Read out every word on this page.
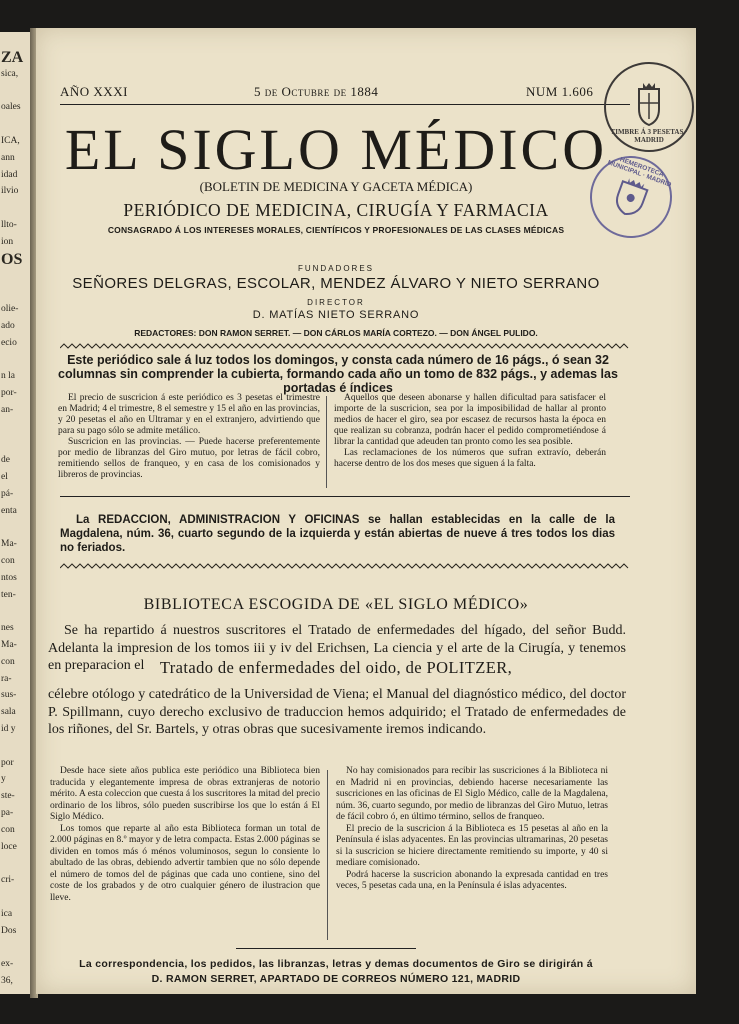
ZA
sica,
oales
ICA,
ann
idad
ilvio
llto-
ion
OS
olie-
ado
ecio
n la
por-
an-
de
el
pá-
enta
Ma-
con
ntos
ten-
nes
Ma-
con
ra-
sus-
sala
id y
por
y
ste-
pa-
con
loce
cri-
ica
Dos
ex-
36,
AÑO XXXI	5 de Octubre de 1884	NUM 1.606
EL SIGLO MÉDICO
(BOLETIN DE MEDICINA Y GACETA MÉDICA)
PERIÓDICO DE MEDICINA, CIRUGÍA Y FARMACIA
CONSAGRADO Á LOS INTERESES MORALES, CIENTÍFICOS Y PROFESIONALES DE LAS CLASES MÉDICAS
FUNDADORES
SEÑORES DELGRAS, ESCOLAR, MENDEZ ÁLVARO Y NIETO SERRANO
DIRECTOR
D. MATÍAS NIETO SERRANO
REDACTORES: DON RAMON SERRET. — DON CÁRLOS MARÍA CORTEZO. — DON ÁNGEL PULIDO.
Este periódico sale á luz todos los domingos, y consta cada número de 16 págs., ó sean 32 columnas sin comprender la cubierta, formando cada año un tomo de 832 págs., y ademas las portadas é índices

El precio de suscricion á este periódico es 3 pesetas el trimestre en Madrid; 4 el trimestre, 8 el semestre y 15 el año en las provincias, y 20 pesetas el año en Ultramar y en el extranjero, advirtiendo que para su pago sólo se admite metálico.

Suscricion en las provincias. — Puede hacerse preferentemente por medio de libranzas del Giro mutuo, por letras de fácil cobro, remitiendo sellos de franqueo, y en casa de los comisionados y libreros de provincias.

Aquellos que deseen abonarse y hallen dificultad para satisfacer el importe de la suscricion, sea por la imposibilidad de hallar al pronto medios de hacer el giro, sea por escasez de recursos hasta la época en que realizan su cobranza, podrán hacer el pedido comprometiéndose á librar la cantidad que adeuden tan pronto como les sea posible.

Las reclamaciones de los números que sufran extravío, deberán hacerse dentro de los dos meses que siguen á la falta.

La REDACCION, ADMINISTRACION Y OFICINAS se hallan establecidas en la calle de la Magdalena, núm. 36, cuarto segundo de la izquierda y están abiertas de nueve á tres todos los dias no feriados.
BIBLIOTECA ESCOGIDA DE «EL SIGLO MÉDICO»
Se ha repartido á nuestros suscritores el Tratado de enfermedades del hígado, del señor Budd. Adelanta la impresion de los tomos iii y iv del Erichsen, La ciencia y el arte de la Cirugía, y tenemos en preparacion el Tratado de enfermedades del oido, de POLITZER,
célebre otólogo y catedrático de la Universidad de Viena; el Manual del diagnóstico médico, del doctor P. Spillmann, cuyo derecho exclusivo de traduccion hemos adquirido; el Tratado de enfermedades de los riñones, del Sr. Bartels, y otras obras que sucesivamente iremos indicando.

Desde hace siete años publica este periódico una Biblioteca bien traducida y elegantemente impresa de obras extranjeras de notorio mérito. A esta coleccion que cuesta á los suscritores la mitad del precio ordinario de los libros, sólo pueden suscribirse los que lo están á El Siglo Médico.

Los tomos que reparte al año esta Biblioteca forman un total de 2.000 páginas en 8.º mayor y de letra compacta. Estas 2.000 páginas se dividen en tomos más ó ménos voluminosos, segun lo consiente lo abultado de las obras, debiendo advertir tambien que no sólo depende el número de tomos del de páginas que cada uno contiene, sino del coste de los grabados y de otro cualquier género de ilustracion que lleve.

No hay comisionados para recibir las suscriciones á la Biblioteca ni en Madrid ni en provincias, debiendo hacerse necesariamente las suscriciones en las oficinas de El Siglo Médico, calle de la Magdalena, núm. 36, cuarto segundo, por medio de libranzas del Giro Mutuo, letras de fácil cobro ó, en último término, sellos de franqueo.

El precio de la suscricion á la Biblioteca es 15 pesetas al año en la Península é islas adyacentes. En las provincias ultramarinas, 20 pesetas si la suscricion se hiciere directamente remitiendo su importe, y 40 si mediare comisionado.

Podrá hacerse la suscricion abonando la expresada cantidad en tres veces, 5 pesetas cada una, en la Península é islas adyacentes.

La correspondencia, los pedidos, las libranzas, letras y demas documentos de Giro se dirigirán á
D. RAMON SERRET, APARTADO DE CORREOS NÚMERO 121, MADRID
TIMBRE Á 3 PESETAS · MADRID
HEMEROTECA MUNICIPAL · MADRID
